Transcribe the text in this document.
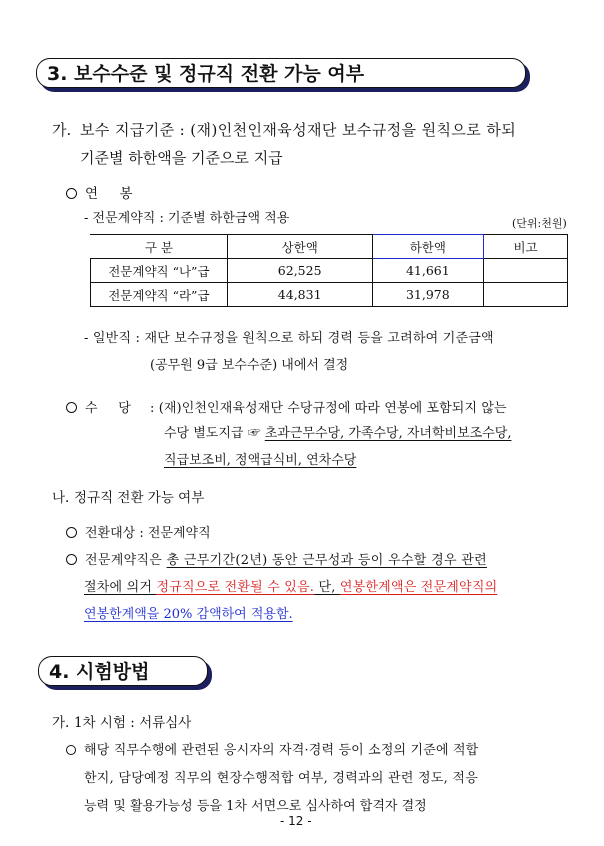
3. 보수수준 및 정규직 전환 가능 여부
가. 보수 지급기준 : (재)인천인재육성재단 보수규정을 원칙으로 하되
기준별 하한액을 기준으로 지급
연     봉
- 전문계약직 : 기준별 하한금액 적용	(단위:천원)
구 분	상한액	하한액	비고
전문계약직 “나”급	62,525	41,661	
전문계약직 “라”급	44,831	31,978	
- 일반직 : 재단 보수규정을 원칙으로 하되 경력 등을 고려하여 기준금액
(공무원 9급 보수수준) 내에서 결정
수     당 : (재)인천인재육성재단 수당규정에 따라 연봉에 포함되지 않는
수당 별도지급 ☞ 초과근무수당, 가족수당, 자녀학비보조수당,
직급보조비, 정액급식비, 연차수당
나. 정규직 전환 가능 여부
전환대상 : 전문계약직
전문계약직은 총 근무기간(2년) 동안 근무성과 등이 우수할 경우 관련
절차에 의거 정규직으로 전환될 수 있음. 단, 연봉한계액은 전문계약직의
연봉한계액을 20% 감액하여 적용함.
4. 시험방법
가. 1차 시험 : 서류심사
해당 직무수행에 관련된 응시자의 자격·경력 등이 소정의 기준에 적합
한지, 담당예정 직무의 현장수행적합 여부, 경력과의 관련 정도, 적응
능력 및 활용가능성 등을 1차 서면으로 심사하여 합격자 결정
- 12 -
